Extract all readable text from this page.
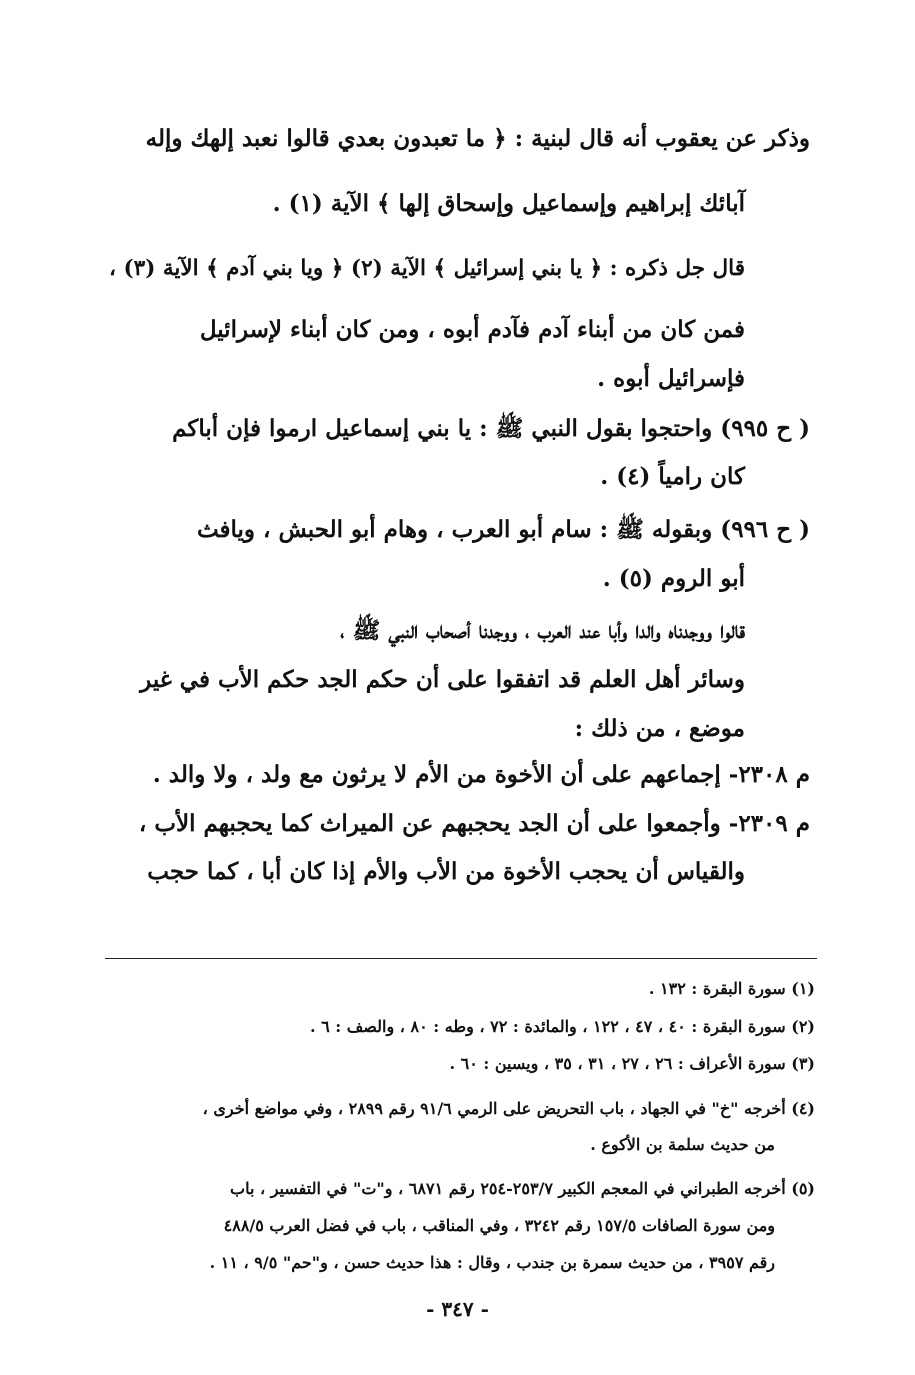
وذكر عن يعقوب أنه قال لبنية : ﴿ ما تعبدون بعدي قالوا نعبد إلهك وإله
آبائك إبراهيم وإسماعيل وإسحاق إلها ﴾ الآية (١) .
قال جل ذكره : ﴿ يا بني إسرائيل ﴾ الآية (٢) ﴿ ويا بني آدم ﴾ الآية (٣) ،
فمن كان من أبناء آدم فآدم أبوه ، ومن كان أبناء لإسرائيل
فإسرائيل أبوه .
( ح ٩٩٥) واحتجوا بقول النبي ﷺ : يا بني إسماعيل ارموا فإن أباكم
كان رامياً (٤) .
( ح ٩٩٦) وبقوله ﷺ : سام أبو العرب ، وهام أبو الحبش ، ويافث
أبو الروم (٥) .
قالوا ووجدناه والدا وأبا عند العرب ، ووجدنا أصحاب النبي ﷺ ،
وسائر أهل العلم قد اتفقوا على أن حكم الجد حكم الأب في غير
موضع ، من ذلك :
م ٢٣٠٨- إجماعهم على أن الأخوة من الأم لا يرثون مع ولد ، ولا والد .
م ٢٣٠٩- وأجمعوا على أن الجد يحجبهم عن الميراث كما يحجبهم الأب ،
والقياس أن يحجب الأخوة من الأب والأم إذا كان أبا ، كما حجب
(١) سورة البقرة : ١٣٢ .
(٢) سورة البقرة : ٤٠ ، ٤٧ ، ١٢٢ ، والمائدة : ٧٢ ، وطه : ٨٠ ، والصف : ٦ .
(٣) سورة الأعراف : ٢٦ ، ٢٧ ، ٣١ ، ٣٥ ، ويسين : ٦٠ .
(٤) أخرجه "خ" في الجهاد ، باب التحريض على الرمي ٩١/٦ رقم ٢٨٩٩ ، وفي مواضع أخرى ،
من حديث سلمة بن الأكوع .
(٥) أخرجه الطبراني في المعجم الكبير ٢٥٣/٧-٢٥٤ رقم ٦٨٧١ ، و"ت" في التفسير ، باب
ومن سورة الصافات ١٥٧/٥ رقم ٣٢٤٢ ، وفي المناقب ، باب في فضل العرب ٤٨٨/٥
رقم ٣٩٥٧ ، من حديث سمرة بن جندب ، وقال : هذا حديث حسن ، و"حم" ٩/٥ ، ١١ .
- ٣٤٧ -
